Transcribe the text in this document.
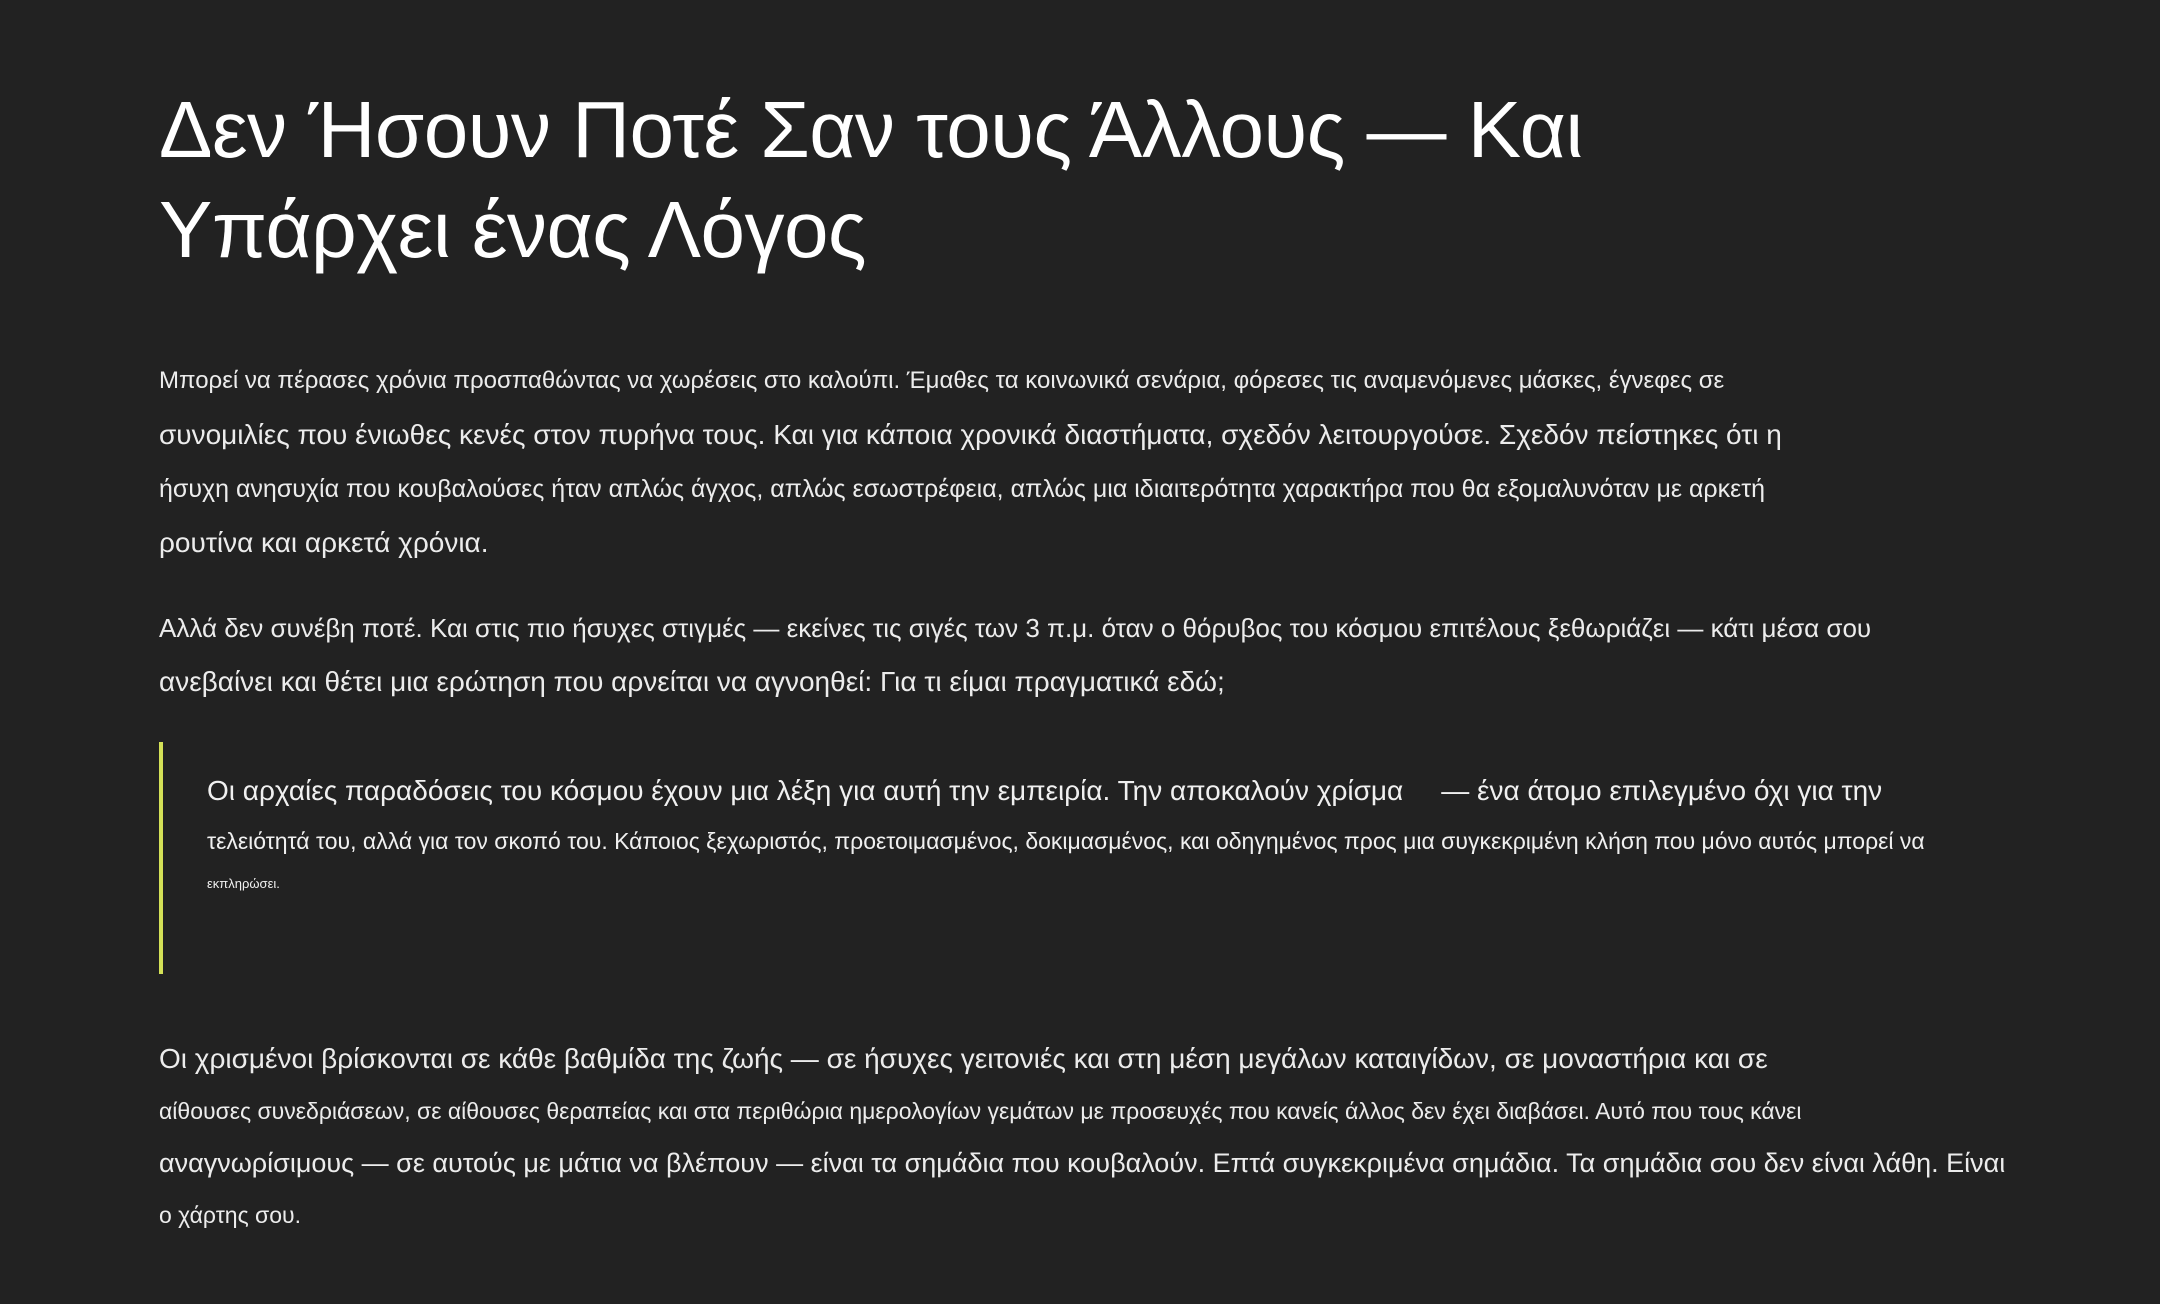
Δεν Ήσουν Ποτέ Σαν τους Άλλους — Και
Υπάρχει ένας Λόγος

Μπορεί να πέρασες χρόνια προσπαθώντας να χωρέσεις στο καλούπι. Έμαθες τα κοινωνικά σενάρια, φόρεσες τις αναμενόμενες μάσκες, έγνεφες σε
συνομιλίες που ένιωθες κενές στον πυρήνα τους. Και για κάποια χρονικά διαστήματα, σχεδόν λειτουργούσε. Σχεδόν πείστηκες ότι η
ήσυχη ανησυχία που κουβαλούσες ήταν απλώς άγχος, απλώς εσωστρέφεια, απλώς μια ιδιαιτερότητα χαρακτήρα που θα εξομαλυνόταν με αρκετή
ρουτίνα και αρκετά χρόνια.

Αλλά δεν συνέβη ποτέ. Και στις πιο ήσυχες στιγμές — εκείνες τις σιγές των 3 π.μ. όταν ο θόρυβος του κόσμου επιτέλους ξεθωριάζει — κάτι μέσα σου
ανεβαίνει και θέτει μια ερώτηση που αρνείται να αγνοηθεί: Για τι είμαι πραγματικά εδώ;

Οι αρχαίες παραδόσεις του κόσμου έχουν μια λέξη για αυτή την εμπειρία. Την αποκαλούν χρίσμα — ένα άτομο επιλεγμένο όχι για την
τελειότητά του, αλλά για τον σκοπό του. Κάποιος ξεχωριστός, προετοιμασμένος, δοκιμασμένος, και οδηγημένος προς μια συγκεκριμένη κλήση που μόνο αυτός μπορεί να
εκπληρώσει.

Οι χρισμένοι βρίσκονται σε κάθε βαθμίδα της ζωής — σε ήσυχες γειτονιές και στη μέση μεγάλων καταιγίδων, σε μοναστήρια και σε
αίθουσες συνεδριάσεων, σε αίθουσες θεραπείας και στα περιθώρια ημερολογίων γεμάτων με προσευχές που κανείς άλλος δεν έχει διαβάσει. Αυτό που τους κάνει
αναγνωρίσιμους — σε αυτούς με μάτια να βλέπουν — είναι τα σημάδια που κουβαλούν. Επτά συγκεκριμένα σημάδια. Τα σημάδια σου δεν είναι λάθη. Είναι
ο χάρτης σου.
